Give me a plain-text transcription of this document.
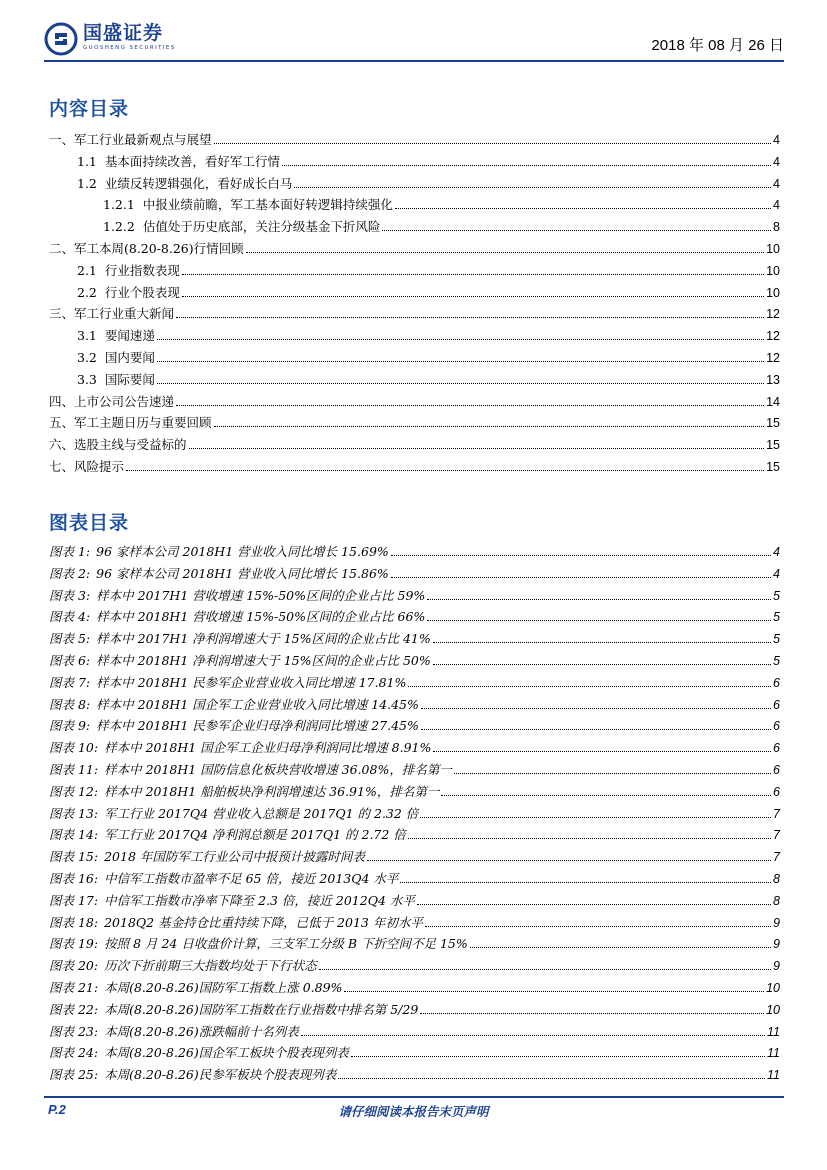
国盛证券
GUOSHENG SECURITIES	2018 年 08 月 26 日
内容目录
一、军工行业最新观点与展望	4
1.1 基本面持续改善，看好军工行情	4
1.2 业绩反转逻辑强化，看好成长白马	4
1.2.1 中报业绩前瞻，军工基本面好转逻辑持续强化	4
1.2.2 估值处于历史底部，关注分级基金下折风险	8
二、军工本周(8.20-8.26)行情回顾	10
2.1 行业指数表现	10
2.2 行业个股表现	10
三、军工行业重大新闻	12
3.1 要闻速递	12
3.2 国内要闻	12
3.3 国际要闻	13
四、上市公司公告速递	14
五、军工主题日历与重要回顾	15
六、选股主线与受益标的	15
七、风险提示	15
图表目录
图表 1: 96 家样本公司 2018H1 营业收入同比增长 15.69%	4
图表 2: 96 家样本公司 2018H1 营业收入同比增长 15.86%	4
图表 3: 样本中 2017H1 营收增速 15%-50%区间的企业占比 59%	5
图表 4: 样本中 2018H1 营收增速 15%-50%区间的企业占比 66%	5
图表 5: 样本中 2017H1 净利润增速大于 15%区间的企业占比 41%	5
图表 6: 样本中 2018H1 净利润增速大于 15%区间的企业占比 50%	5
图表 7: 样本中 2018H1 民参军企业营业收入同比增速 17.81%	6
图表 8: 样本中 2018H1 国企军工企业营业收入同比增速 14.45%	6
图表 9: 样本中 2018H1 民参军企业归母净利润同比增速 27.45%	6
图表 10: 样本中 2018H1 国企军工企业归母净利润同比增速 8.91%	6
图表 11: 样本中 2018H1 国防信息化板块营收增速 36.08%，排名第一	6
图表 12: 样本中 2018H1 船舶板块净利润增速达 36.91%，排名第一	6
图表 13: 军工行业 2017Q4 营业收入总额是 2017Q1 的 2.32 倍	7
图表 14: 军工行业 2017Q4 净利润总额是 2017Q1 的 2.72 倍	7
图表 15: 2018 年国防军工行业公司中报预计披露时间表	7
图表 16: 中信军工指数市盈率不足 65 倍，接近 2013Q4 水平	8
图表 17: 中信军工指数市净率下降至 2.3 倍，接近 2012Q4 水平	8
图表 18: 2018Q2 基金持仓比重持续下降，已低于 2013 年初水平	9
图表 19: 按照 8 月 24 日收盘价计算，三支军工分级 B 下折空间不足 15%	9
图表 20: 历次下折前期三大指数均处于下行状态	9
图表 21: 本周(8.20-8.26)国防军工指数上涨 0.89%	10
图表 22: 本周(8.20-8.26)国防军工指数在行业指数中排名第 5/29	10
图表 23: 本周(8.20-8.26)涨跌幅前十名列表	11
图表 24: 本周(8.20-8.26)国企军工板块个股表现列表	11
图表 25: 本周(8.20-8.26)民参军板块个股表现列表	11
P.2	请仔细阅读本报告末页声明
